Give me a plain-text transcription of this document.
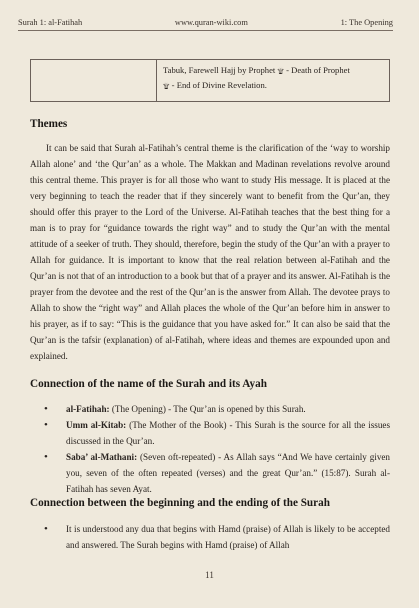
Surah 1: al-Fatihah	www.quran-wiki.com	1: The Opening
Tabuk, Farewell Hajj by Prophet ۩ - Death of Prophet
۩ - End of Divine Revelation.
Themes

It can be said that Surah al-Fatihah’s central theme is the clarification of the ‘way to worship Allah alone’ and ‘the Qur’an’ as a whole. The Makkan and Madinan revelations revolve around this central theme. This prayer is for all those who want to study His message. It is placed at the very beginning to teach the reader that if they sincerely want to benefit from the Qur’an, they should offer this prayer to the Lord of the Universe. Al-Fatihah teaches that the best thing for a man is to pray for “guidance towards the right way” and to study the Qur’an with the mental attitude of a seeker of truth. They should, therefore, begin the study of the Qur’an with a prayer to Allah for guidance. It is important to know that the real relation between al-Fatihah and the Qur’an is not that of an introduction to a book but that of a prayer and its answer. Al-Fatihah is the prayer from the devotee and the rest of the Qur’an is the answer from Allah. The devotee prays to Allah to show the “right way” and Allah places the whole of the Qur’an before him in answer to his prayer, as if to say: “This is the guidance that you have asked for.” It can also be said that the Qur’an is the tafsir (explanation) of al-Fatihah, where ideas and themes are expounded upon and explained.

Connection of the name of the Surah and its Ayah
• al-Fatihah: (The Opening) - The Qur’an is opened by this Surah.
• Umm al-Kitab: (The Mother of the Book) - This Surah is the source for all the issues discussed in the Qur’an.
• Saba’ al-Mathani: (Seven oft-repeated) - As Allah says “And We have certainly given you, seven of the often repeated (verses) and the great Qur’an.” (15:87). Surah al-Fatihah has seven Ayat.
Connection between the beginning and the ending of the Surah
• It is understood any dua that begins with Hamd (praise) of Allah is likely to be accepted and answered. The Surah begins with Hamd (praise) of Allah
11
